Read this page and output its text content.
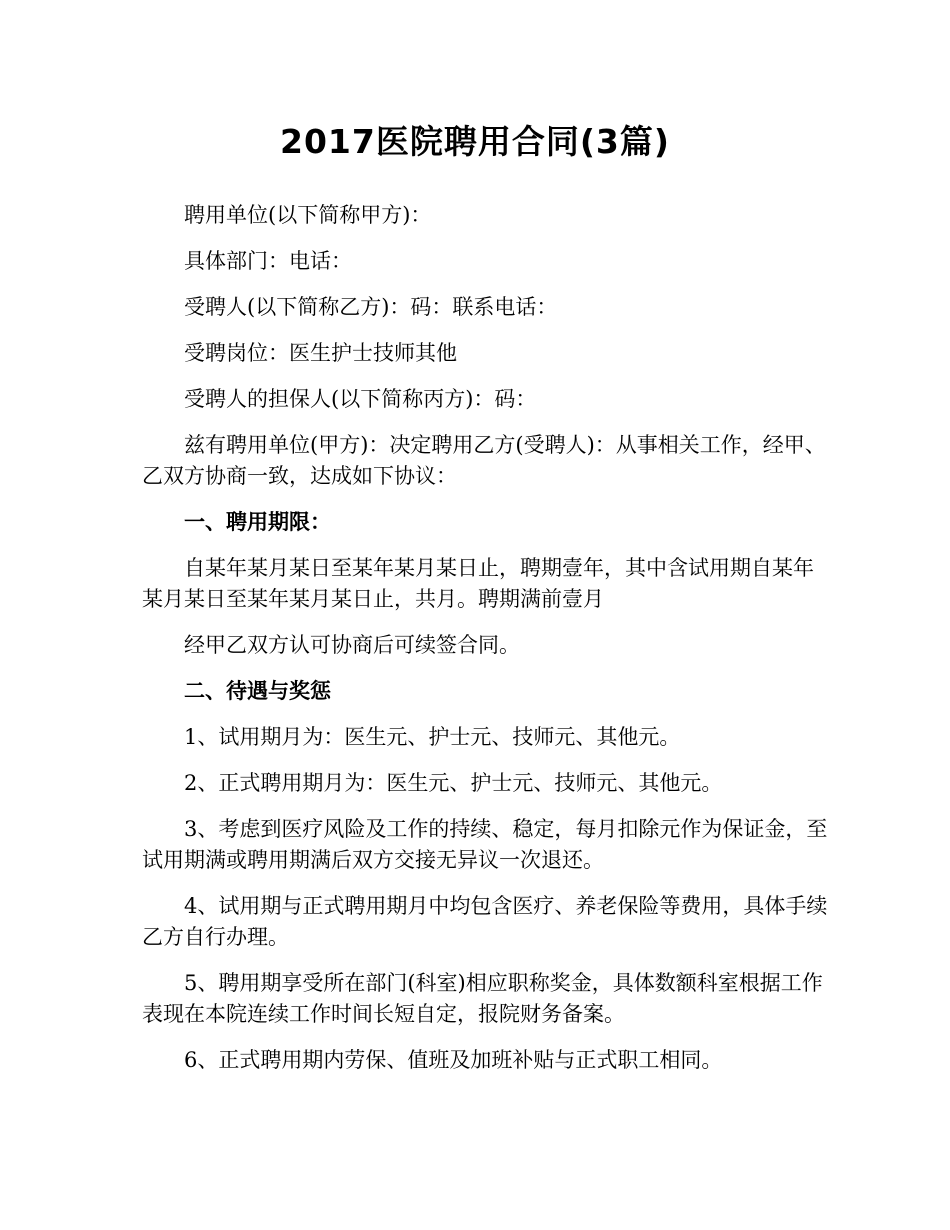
2017医院聘用合同(3篇)

聘用单位(以下简称甲方)：

具体部门：电话：

受聘人(以下简称乙方)：码：联系电话：

受聘岗位：医生护士技师其他

受聘人的担保人(以下简称丙方)：码：

兹有聘用单位(甲方)：决定聘用乙方(受聘人)：从事相关工作，经甲、乙双方协商一致，达成如下协议：

一、聘用期限：

自某年某月某日至某年某月某日止，聘期壹年，其中含试用期自某年某月某日至某年某月某日止，共月。聘期满前壹月

经甲乙双方认可协商后可续签合同。

二、待遇与奖惩

1、试用期月为：医生元、护士元、技师元、其他元。

2、正式聘用期月为：医生元、护士元、技师元、其他元。

3、考虑到医疗风险及工作的持续、稳定，每月扣除元作为保证金，至试用期满或聘用期满后双方交接无异议一次退还。

4、试用期与正式聘用期月中均包含医疗、养老保险等费用，具体手续乙方自行办理。

5、聘用期享受所在部门(科室)相应职称奖金，具体数额科室根据工作表现在本院连续工作时间长短自定，报院财务备案。

6、正式聘用期内劳保、值班及加班补贴与正式职工相同。
